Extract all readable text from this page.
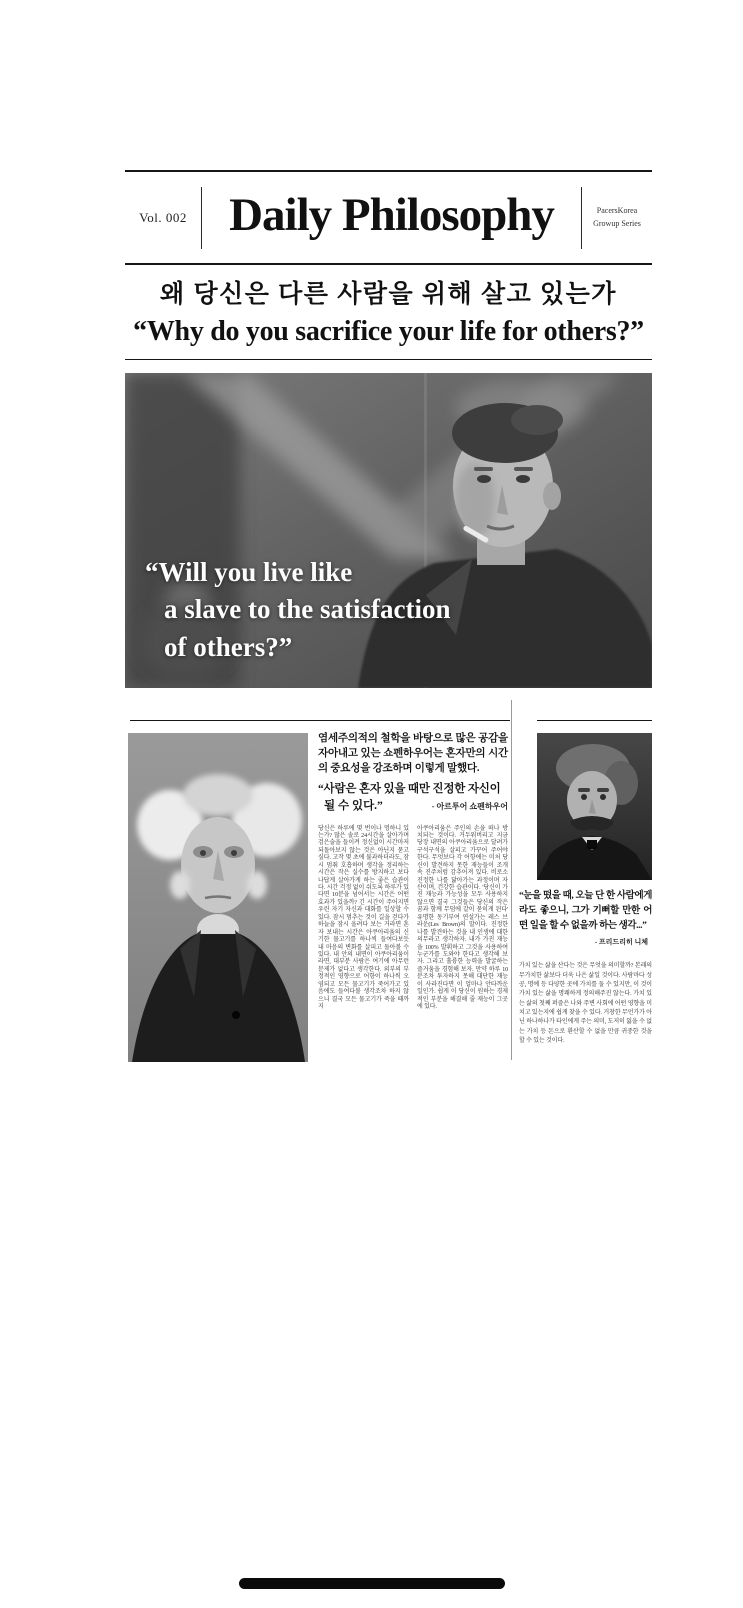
Vol. 002 Daily Philosophy	PacersKorea
Growup Series
왜 당신은 다른 사람을 위해 살고 있는가
“Why do you sacrifice your life for others?”
“Will you live like
a slave to the satisfaction
of others?”
염세주의적의 철학을 바탕으로 많은 공감을 자아내고 있는 쇼펜하우어는 혼자만의 시간의 중요성을 강조하며 이렇게 말했다.
“사람은 혼자 있을 때만 진정한 자신이
될 수 있다.”	- 아르투어 쇼펜하우어
당신은 하루에 몇 번이나 멍하니 있는가? 많은 솔로 24시간을 살아가며 검은술을 들이켜 정신없이 시간마저 되돌아보지 않는 것은 아닌지 묻고 싶다. 고작 몇 초에 불과하더라도, 잠시 멈춰 호흡하며 생각을 정리하는 시간은 작은 실수를 방지하고 보다 나답게 살아가게 하는 좋은 습관이다. 시간 걱정 없이 쉬도록 하루가 있다면 10분을 넘어서는 시간은 어떤 효과가 있을까? 긴 시간이 주어지면 우린 자기 자신과 대화를 일상할 수 있다. 잠시 멈추는 것이 길을 걷다가 하늘을 잠시 올려다 보는 거라면 혼자 보내는 시간은 아쿠아리움의 신기한 물고기를 하나씩 들여다보듯 내 마음의 변화를 살피고 돌아볼 수 있다. 내 안의 내면이 아쿠아리움이라면, 대부분 사람은 여기에 아무런 문제가 없다고 생각한다. 외부의 부정적인 영향으로 어항이 하나씩 오염되고 모든 물고기가 죽어가고 있음에도 들여다볼 생각조차 하지 않으니 결국 모든 물고기가 죽을 때까지
아쿠아리움은 주인의 손을 떠나 방치되는 것이다. 거두워버리고 지금 당장 내면의 아쿠아리움으로 달려가 구석구석을 살피고 가꾸어 주어야 한다. 무엇보다 각 어항에는 미처 당신이 발견하지 못한 재능들이 조개 속 진주처럼 감추어져 있다. 비로소 진정한 나를 닮아가는 과정이며 자산이며, 건강한 습관이다. '당신이 가진 재능과 가능성을 모두 사용하지 않으면 결국 그것들은 당신의 작은 꿈과 함께 무덤에 같이 묻히게 된다' 유명한 동기부여 연설가는 레스 브라운(Les Brown)의 말이다. 진정한 나를 발견하는 것을 내 인생에 대한 의무라고 생각하자. 내가 가진 재능을 100% 발휘하고 그것을 사용하여 누군가를 도와야 한다고 생각해 보자. 그리고 훌륭한 능력을 발굴하는 즐거움을 경험해 보자. 만약 하루 10분조차 투자하지 못해 대단한 재능이 사라진다면 이 얼마나 안타까운 일인가. 쉽게 이 당신이 원하는 경제적인 부분을 해결해 줄 재능이 그곳에 있다.
“눈을 떴을 때, 오늘 단 한 사람에게라도 좋으니, 그가 기뻐할 만한 어떤 일을 할 수 없을까 하는 생각...”
- 프리드리히 니체
가치 있는 삶을 산다는 것은 무엇을 의미할까? 본래의 무가치한 삶보다 더욱 나은 삶일 것이다. 사람마다 성공, 명예 등 다양한 곳에 가치를 둘 수 있지만, 이 것이 가치 있는 삶을 명쾌하게 정의해주진 않는다. 가치 있는 삶의 첫째 퍼즐은 나와 주변 사회에 어떤 영향을 미치고 있는지에 쉽게 찾을 수 있다. 거창한 무언가가 아닌 하나하나가 타인에게 주는 의미, 도저히 잃을 수 없는 가치 등 돈으로 환산할 수 없을 만큼 귀중한 것을 할 수 있는 것이다.
